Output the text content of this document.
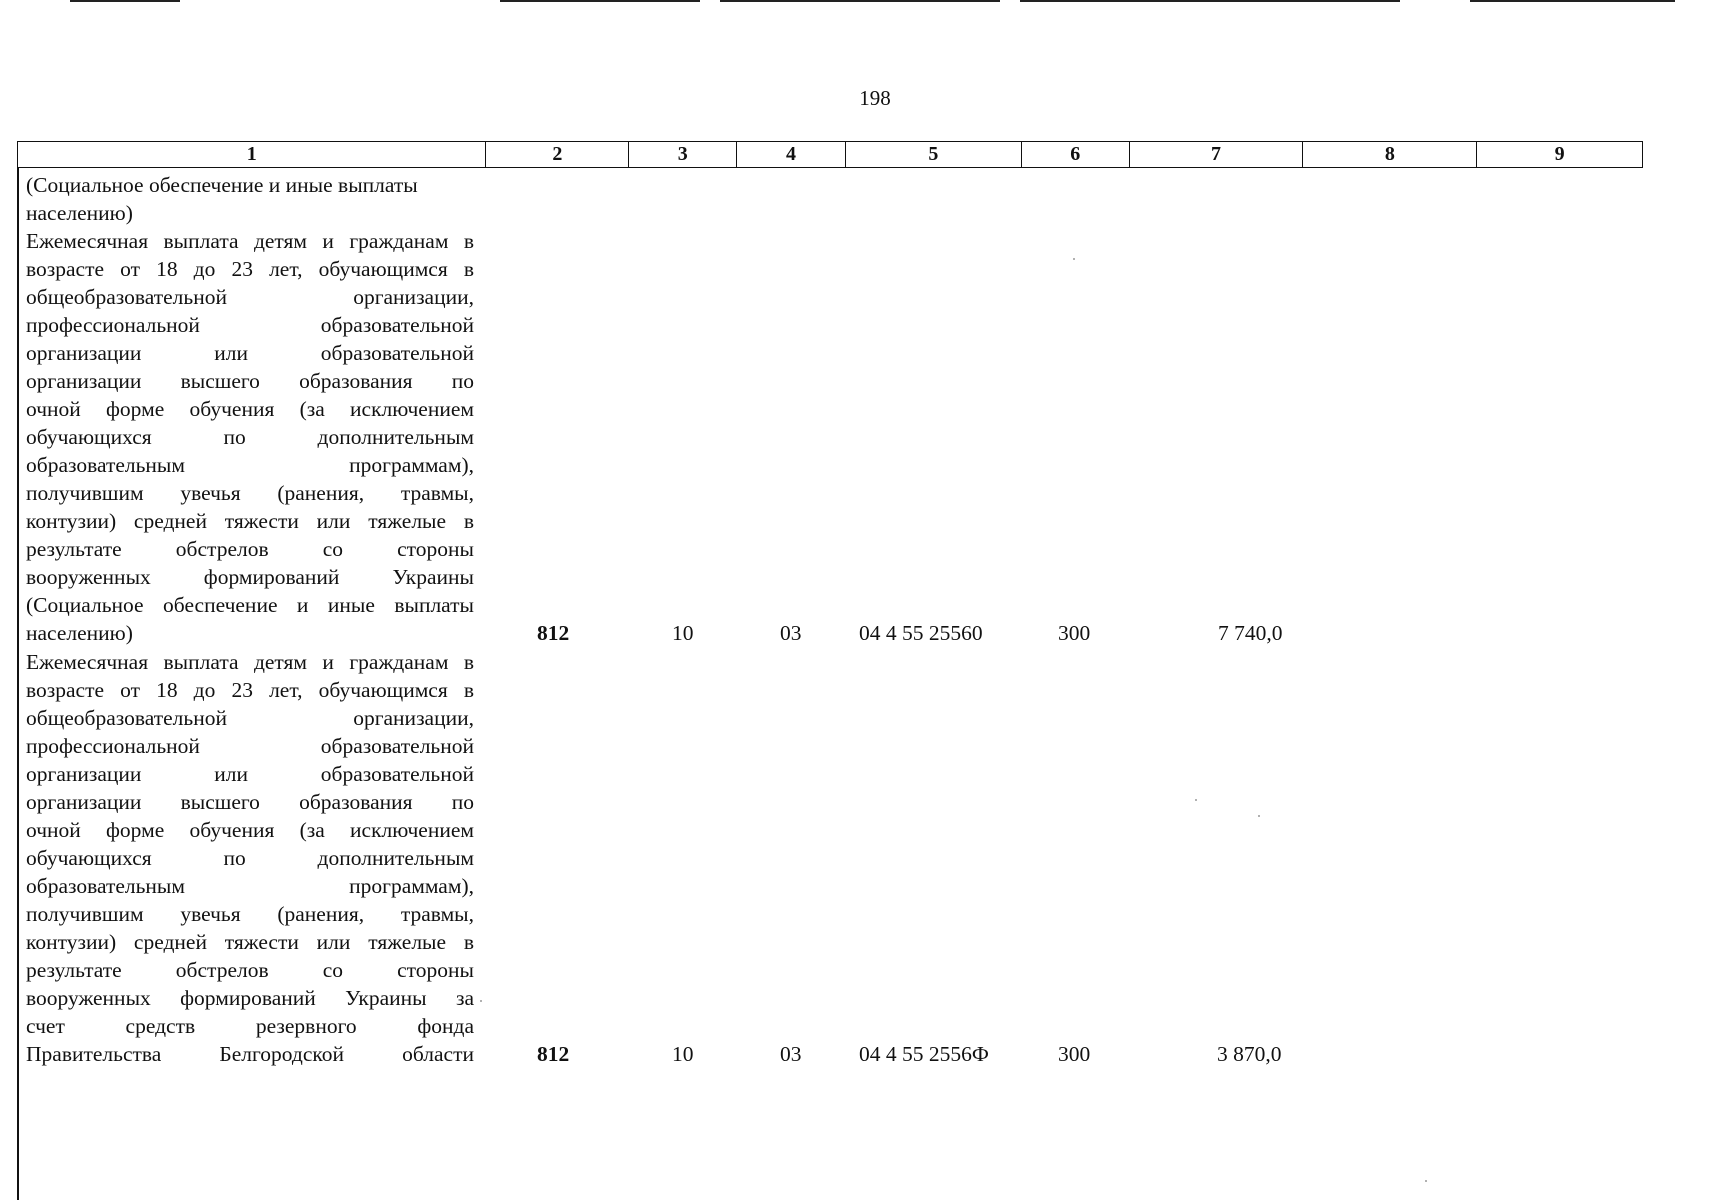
198
1	2	3	4	5	6	7	8	9
(Социальное обеспечение и иные выплаты
населению)
Ежемесячная выплата детям и гражданам в
возрасте от 18 до 23 лет, обучающимся в
общеобразовательной организации,
профессиональной образовательной
организации или образовательной
организации высшего образования по
очной форме обучения (за исключением
обучающихся по дополнительным
образовательным программам),
получившим увечья (ранения, травмы,
контузии) средней тяжести или тяжелые в
результате обстрелов со стороны
вооруженных формирований Украины
(Социальное обеспечение и иные выплаты
населению)	812	10	03	04 4 55 25560	300	7 740,0
Ежемесячная выплата детям и гражданам в
возрасте от 18 до 23 лет, обучающимся в
общеобразовательной организации,
профессиональной образовательной
организации или образовательной
организации высшего образования по
очной форме обучения (за исключением
обучающихся по дополнительным
образовательным программам),
получившим увечья (ранения, травмы,
контузии) средней тяжести или тяжелые в
результате обстрелов со стороны
вооруженных формирований Украины за
счет средств резервного фонда
Правительства Белгородской области	812	10	03	04 4 55 2556Ф	300	3 870,0
